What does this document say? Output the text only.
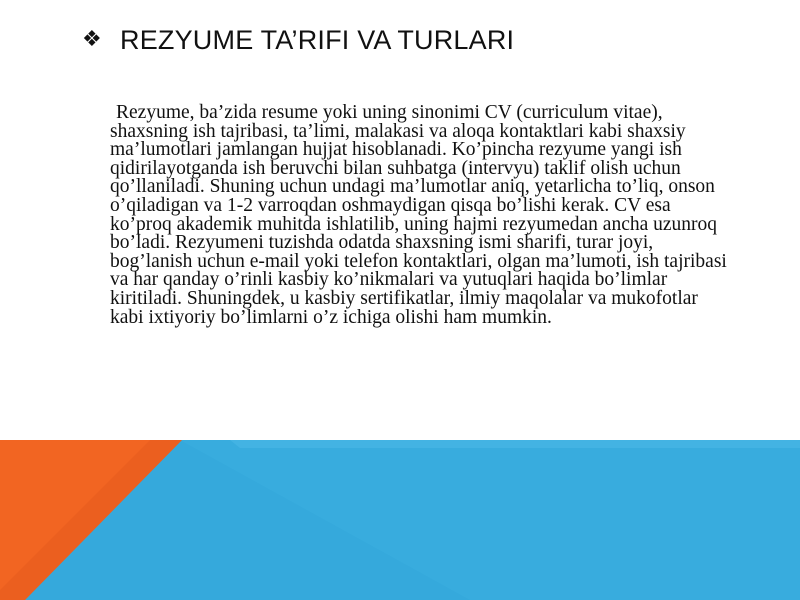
❖ REZYUME TA’RIFI VA TURLARI

Rezyume, ba’zida resume yoki uning sinonimi CV (curriculum vitae), shaxsning ish tajribasi, ta’limi, malakasi va aloqa kontaktlari kabi shaxsiy ma’lumotlari jamlangan hujjat hisoblanadi. Ko’pincha rezyume yangi ish qidirilayotganda ish beruvchi bilan suhbatga (intervyu) taklif olish uchun qo’llaniladi. Shuning uchun undagi ma’lumotlar aniq, yetarlicha to’liq, onson o’qiladigan va 1-2 varroqdan oshmaydigan qisqa bo’lishi kerak. CV esa ko’proq akademik muhitda ishlatilib, uning hajmi rezyumedan ancha uzunroq bo’ladi. Rezyumeni tuzishda odatda shaxsning ismi sharifi, turar joyi, bog’lanish uchun e-mail yoki telefon kontaktlari, olgan ma’lumoti, ish tajribasi va har qanday o’rinli kasbiy ko’nikmalari va yutuqlari haqida bo’limlar kiritiladi. Shuningdek, u kasbiy sertifikatlar, ilmiy maqolalar va mukofotlar kabi ixtiyoriy bo’limlarni o’z ichiga olishi ham mumkin.
